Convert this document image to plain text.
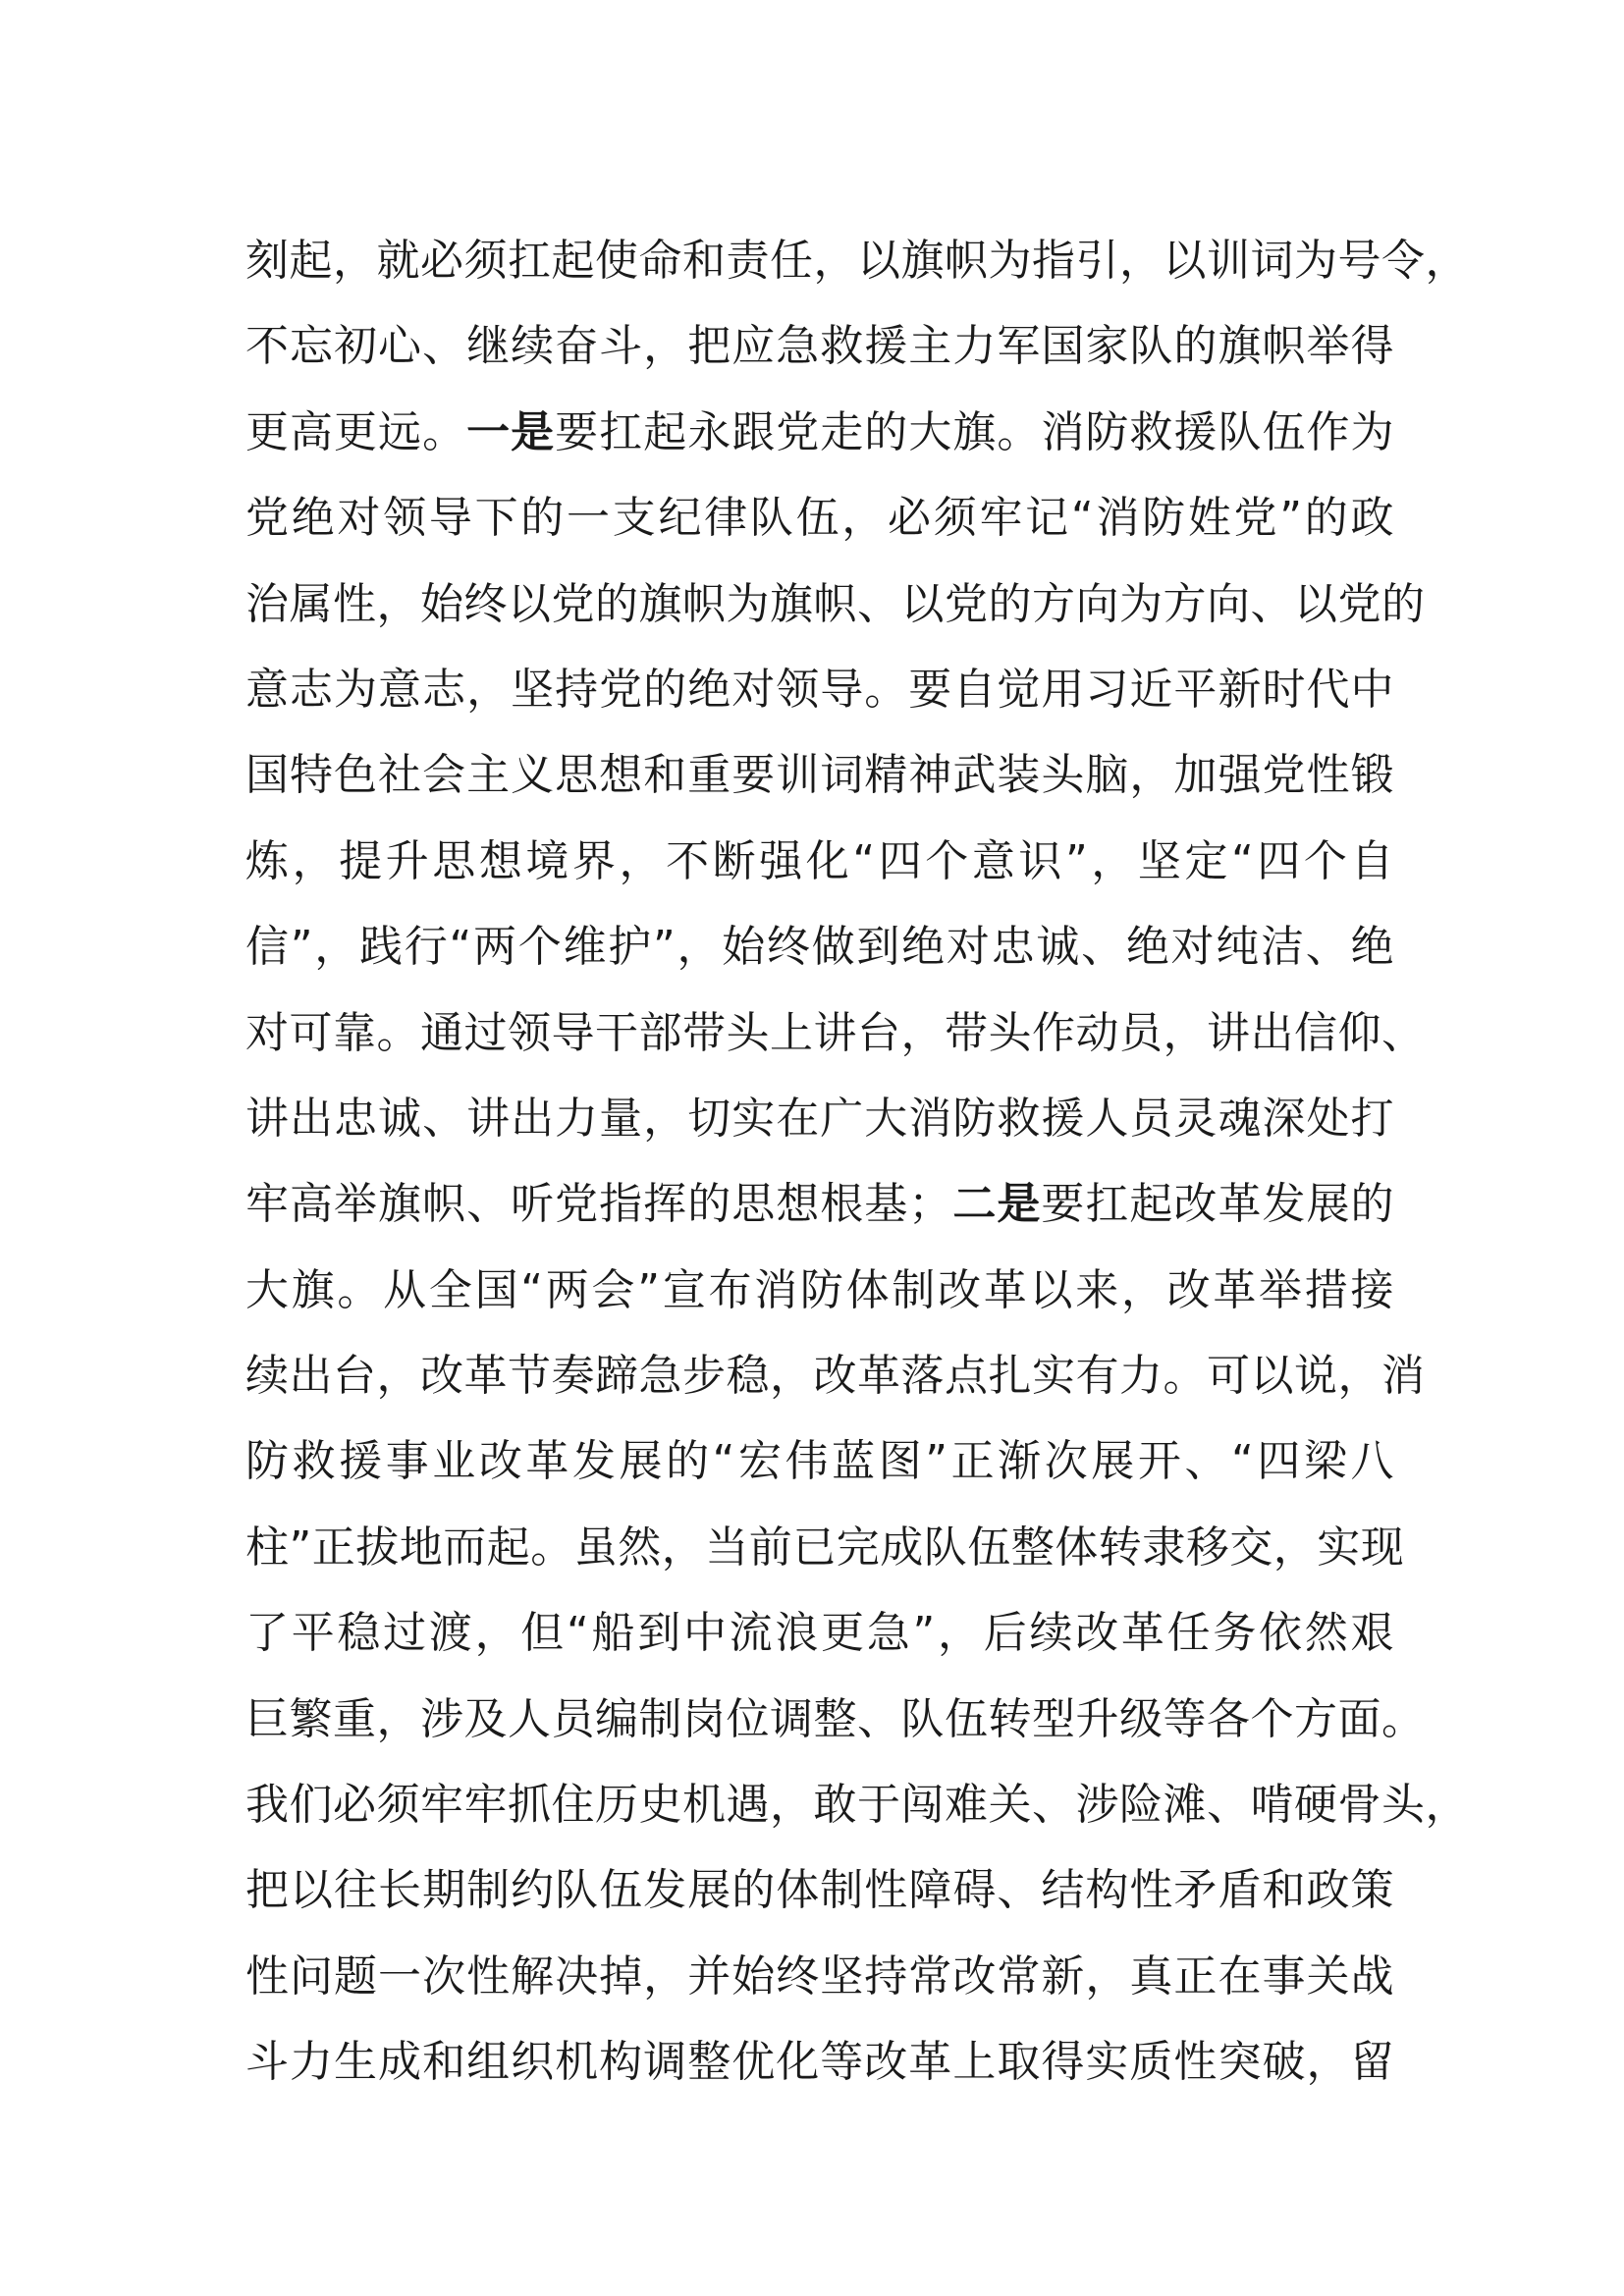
刻起，就必须扛起使命和责任，以旗帜为指引，以训词为号令，
不忘初心、继续奋斗，把应急救援主力军国家队的旗帜举得
更高更远。一是要扛起永跟党走的大旗。消防救援队伍作为
党绝对领导下的一支纪律队伍，必须牢记“消防姓党”的政
治属性，始终以党的旗帜为旗帜、以党的方向为方向、以党的
意志为意志，坚持党的绝对领导。要自觉用习近平新时代中
国特色社会主义思想和重要训词精神武装头脑，加强党性锻
炼，提升思想境界，不断强化“四个意识”，坚定“四个自
信”，践行“两个维护”，始终做到绝对忠诚、绝对纯洁、绝
对可靠。通过领导干部带头上讲台，带头作动员，讲出信仰、
讲出忠诚、讲出力量，切实在广大消防救援人员灵魂深处打
牢高举旗帜、听党指挥的思想根基；二是要扛起改革发展的
大旗。从全国“两会”宣布消防体制改革以来，改革举措接
续出台，改革节奏蹄急步稳，改革落点扎实有力。可以说，消
防救援事业改革发展的“宏伟蓝图”正渐次展开、“四梁八
柱”正拔地而起。虽然，当前已完成队伍整体转隶移交，实现
了平稳过渡，但“船到中流浪更急”，后续改革任务依然艰
巨繁重，涉及人员编制岗位调整、队伍转型升级等各个方面。
我们必须牢牢抓住历史机遇，敢于闯难关、涉险滩、啃硬骨头，
把以往长期制约队伍发展的体制性障碍、结构性矛盾和政策
性问题一次性解决掉，并始终坚持常改常新，真正在事关战
斗力生成和组织机构调整优化等改革上取得实质性突破，留
